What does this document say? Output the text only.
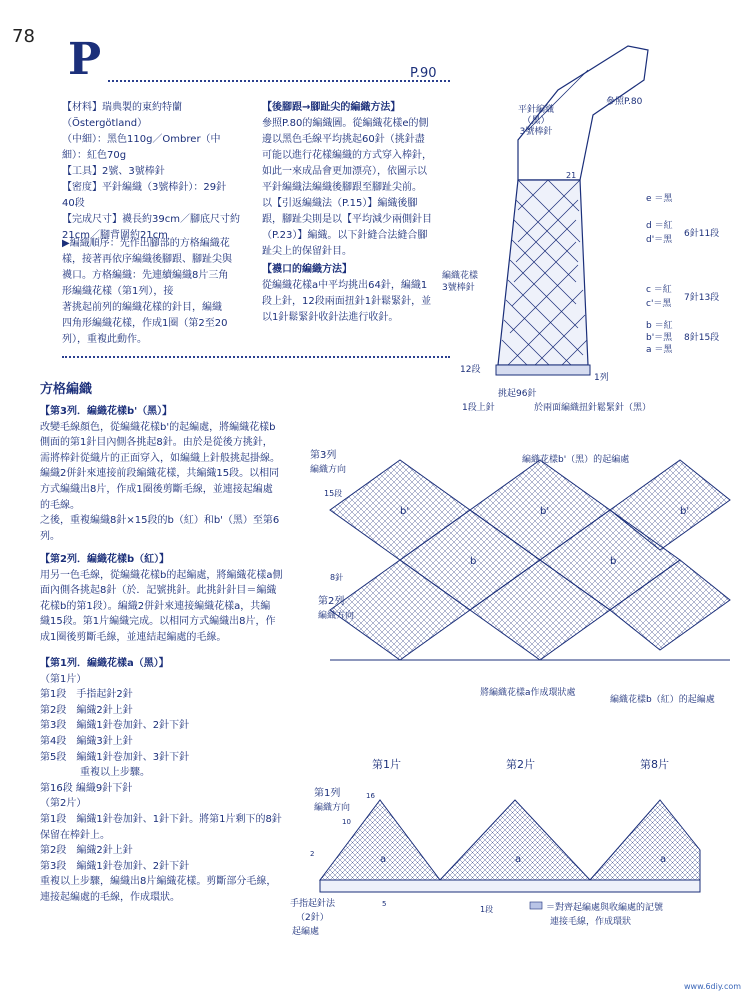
78 P	P.90
【材料】瑞典製的東約特蘭（Östergötland）
（中細）：黑色110g／Ombrer（中
細）：紅色70g
【工具】2號、3號棒針
【密度】平針編織（3號棒針）：29針
40段
【完成尺寸】襪長約39cm／腳底尺寸約
21cm／腳背圍約21cm
▶編織順序：先作出腳部的方格編織花
樣，接著再依序編織後腳跟、腳趾尖與
襪口。方格編織：先連續編織8片三角
形編織花樣（第1列），接
著挑起前列的編織花樣的針目，編織
四角形編織花樣，作成1圈（第2至20
列），重複此動作。
【後腳跟→腳趾尖的編織方法】
參照P.80的編織圖。從編織花樣e的側
邊以黑色毛線平均挑起60針（挑針盡
可能以進行花樣編織的方式穿入棒針，
如此一來成品會更加漂亮），依圖示以
平針編織法編織後腳跟至腳趾尖前。
以【引返編織法（P.15）】編織後腳
跟，腳趾尖則是以【平均減少兩側針目
（P.23）】編織。以下針縫合法縫合腳
趾尖上的保留針目。
【襪口的編織方法】
從編織花樣a中平均挑出64針，編織1
段上針，12段兩面扭針1針鬆緊針，並
以1針鬆緊針收針法進行收針。
平針編織
（黑）
3號棒針
參照P.80
21
編織花樣
3號棒針
12段
1列
挑起96針
1段上針	於兩面編織扭針鬆緊針（黑）
e ＝黑
d ＝紅
d'＝黑
6針11段
c ＝紅
c'＝黑
7針13段
b ＝紅
b'＝黑
a ＝黑
8針15段
方格編織
【第3列．編織花樣b'（黑）】
改變毛線顏色，從編織花樣b'的起編處，將編織花樣b
側面的第1針目內側各挑起8針。由於是從後方挑針，
需將棒針從織片的正面穿入，如編織上針般挑起掛線。
編織2併針來連接前段編織花樣，共編織15段。以相同
方式編織出8片，作成1圈後剪斷毛線，並連接起編處
的毛線。
之後，重複編織8針×15段的b（紅）和b'（黑）至第6
列。
【第2列．編織花樣b（紅）】
用另一色毛線，從編織花樣b的起編處，將編織花樣a側
面內側各挑起8針（於．記號挑針。此挑針針目＝編織
花樣b的第1段）。編織2併針來連接編織花樣a，共編
織15段。第1片編織完成。以相同方式編織出8片，作
成1圈後剪斷毛線，並連結起編處的毛線。
【第1列．編織花樣a（黑）】
（第1片）
第1段　手指起針2針
第2段　編織2針上針
第3段　編織1針卷加針、2針下針
第4段　編織3針上針
第5段　編織1針卷加針、3針下針
　　　　重複以上步驟。
第16段 編織9針下針
（第2片）
第1段　編織1針卷加針、1針下針。將第1片剩下的8針
保留在棒針上。
第2段　編織2針上針
第3段　編織1針卷加針、2針下針
重複以上步驟，編織出8片編織花樣。剪斷部分毛線，
連接起編處的毛線，作成環狀。
第3列
編織方向
15段
編織花樣b'（黑）的起編處
8針
第2列
編織方向
將編織花樣a作成環狀處
編織花樣b（紅）的起編處
b'	b'
b	b
b'
第1片	第2片	第8片
第1列
編織方向
16
10
2
5
1段
a	a	a
手指起針法
（2針）
起編處
＝對齊起編處與收編處的記號
連接毛線，作成環狀
www.6diy.com
